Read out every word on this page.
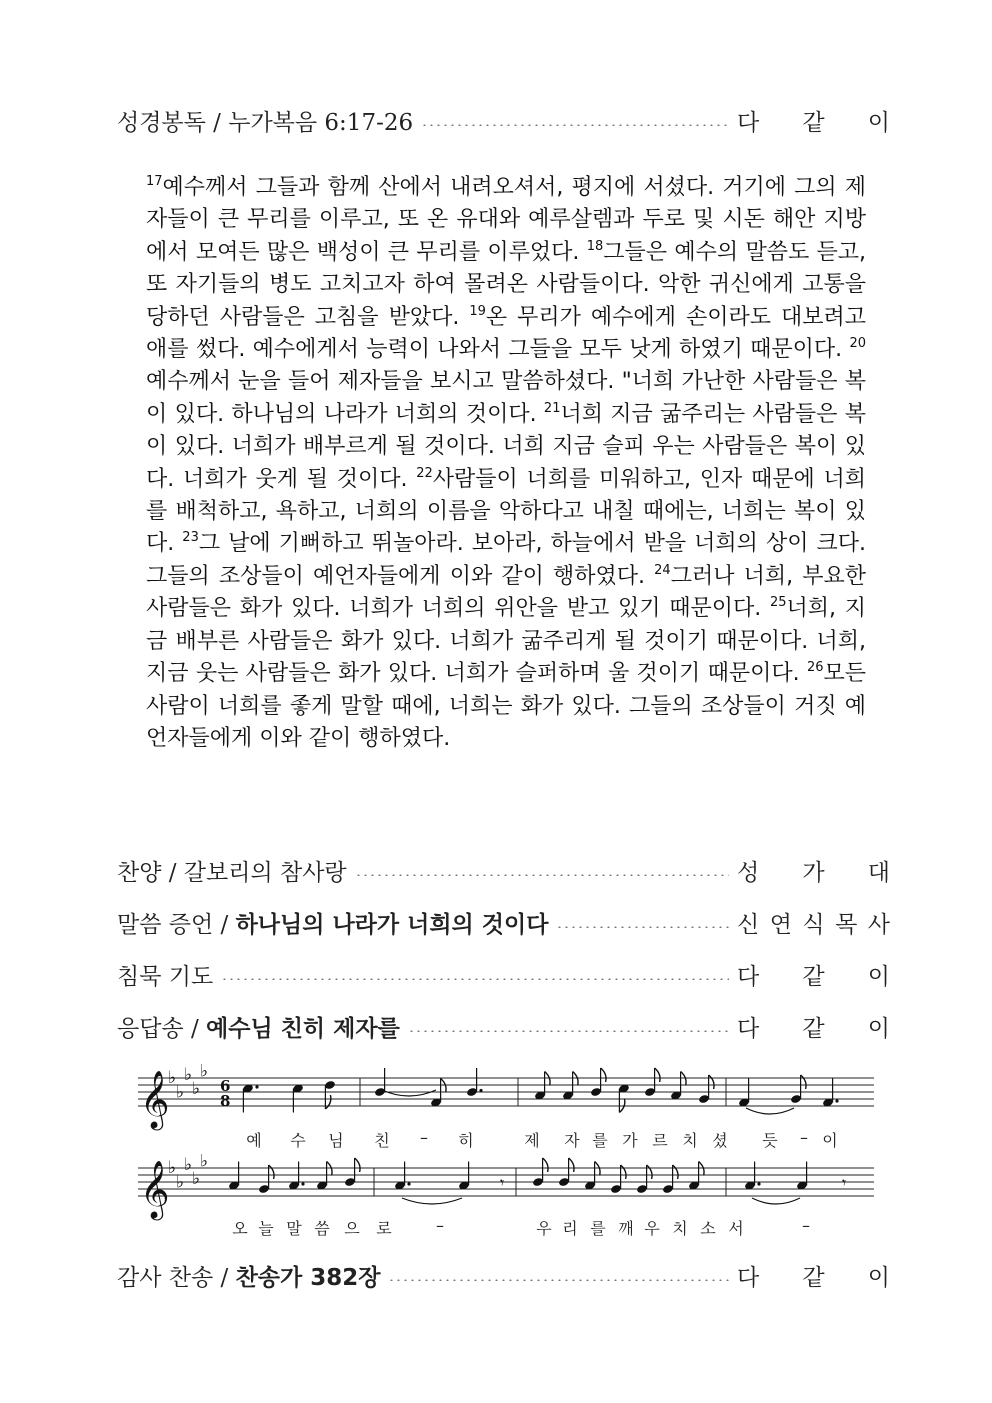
성경봉독 / 누가복음 6:17-26	다 같 이
$^{17}$예수께서 그들과 함께 산에서 내려오셔서, 평지에 서셨다. 거기에 그의 제자들이 큰 무리를 이루고, 또 온 유대와 예루살렘과 두로 및 시돈 해안 지방에서 모여든 많은 백성이 큰 무리를 이루었다. $^{18}$그들은 예수의 말씀도 듣고, 또 자기들의 병도 고치고자 하여 몰려온 사람들이다. 악한 귀신에게 고통을 당하던 사람들은 고침을 받았다. $^{19}$온 무리가 예수에게 손이라도 대보려고 애를 썼다. 예수에게서 능력이 나와서 그들을 모두 낫게 하였기 때문이다. $^{20}$예수께서 눈을 들어 제자들을 보시고 말씀하셨다. "너희 가난한 사람들은 복이 있다. 하나님의 나라가 너희의 것이다. $^{21}$너희 지금 굶주리는 사람들은 복이 있다. 너희가 배부르게 될 것이다. 너희 지금 슬피 우는 사람들은 복이 있다. 너희가 웃게 될 것이다. $^{22}$사람들이 너희를 미워하고, 인자 때문에 너희를 배척하고, 욕하고, 너희의 이름을 악하다고 내칠 때에는, 너희는 복이 있다. $^{23}$그 날에 기뻐하고 뛰놀아라. 보아라, 하늘에서 받을 너희의 상이 크다. 그들의 조상들이 예언자들에게 이와 같이 행하였다. $^{24}$그러나 너희, 부요한 사람들은 화가 있다. 너희가 너희의 위안을 받고 있기 때문이다. $^{25}$너희, 지금 배부른 사람들은 화가 있다. 너희가 굶주리게 될 것이기 때문이다. 너희, 지금 웃는 사람들은 화가 있다. 너희가 슬퍼하며 울 것이기 때문이다. $^{26}$모든 사람이 너희를 좋게 말할 때에, 너희는 화가 있다. 그들의 조상들이 거짓 예언자들에게 이와 같이 행하였다.
찬양 / 갈보리의 참사랑	성 가 대
말씀 증언 / 하나님의 나라가 너희의 것이다	신 연 식 목 사
침묵 기도	다 같 이
응답송 / 예수님 친히 제자를	다 같 이
𝄞
♭
♭
♭
♭
♭
6
8
𝄞
♭
♭
♭
♭
♭
𝄾	𝄾
예 수 님 친 – 히	제 자 를 가 르 치 셨 듯 – 이
오 늘 말 씀 으 로	–	우 리 를 깨 우 치 소 서	–
감사 찬송 / 찬송가 382장	다 같 이
